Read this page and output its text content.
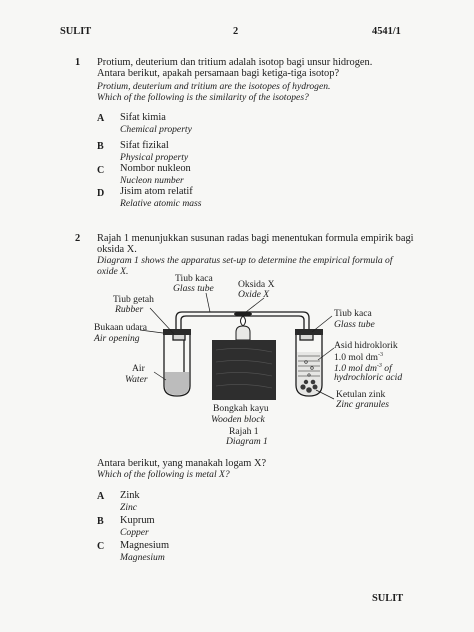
SULIT	2	4541/1
1 Protium, deuterium dan tritium adalah isotop bagi unsur hidrogen.
Antara berikut, apakah persamaan bagi ketiga-tiga isotop?
Protium, deuterium and tritium are the isotopes of hydrogen.
Which of the following is the similarity of the isotopes?
A Sifat kimia
Chemical property
B Sifat fizikal
Physical property
C Nombor nukleon
Nucleon number
D Jisim atom relatif
Relative atomic mass
2 Rajah 1 menunjukkan susunan radas bagi menentukan formula empirik bagi
oksida X.
Diagram 1 shows the apparatus set-up to determine the empirical formula of
oxide X.
Tiub kaca
Glass tube	Oksida X
Oxide X
Tiub getah
Rubber
Bukaan udara
Air opening
Air
Water
Tiub kaca
Glass tube
Asid hidroklorik
1.0 mol $dm^{-3}$
1.0 mol $dm^{-3}$ of
hydrochloric acid
Ketulan zink
Zinc granules
Bongkah kayu
Wooden block
Rajah 1
Diagram 1
Antara berikut, yang manakah logam X?
Which of the following is metal X?
A Zink
Zinc
B Kuprum
Copper
C Magnesium
Magnesium
SULIT
